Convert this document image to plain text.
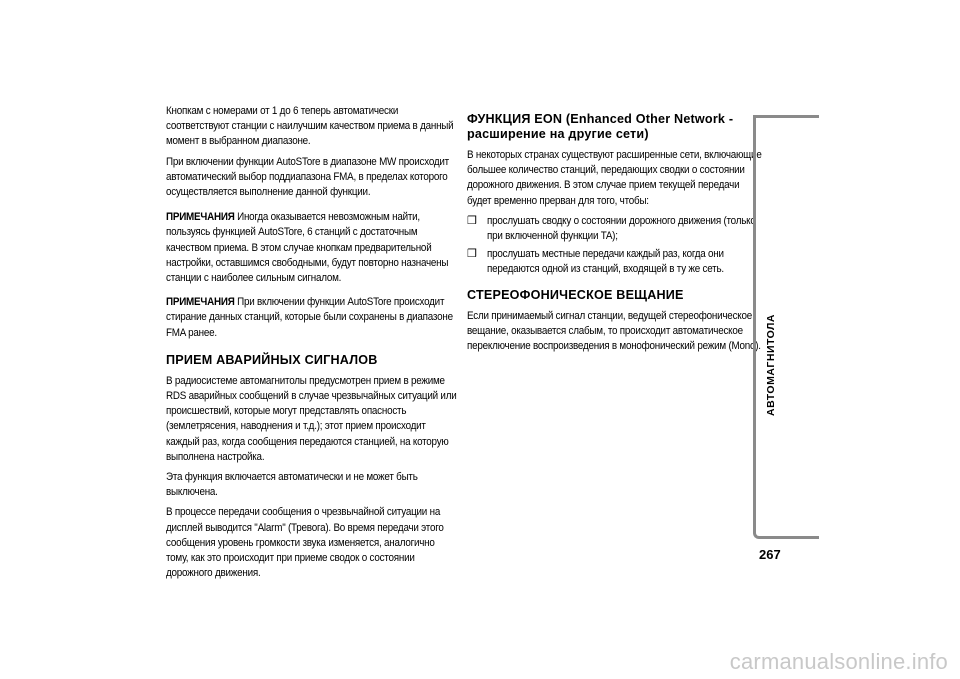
Кнопкам с номерами от 1 до 6 теперь автоматически соответствуют станции с наилучшим качеством приема в данный момент в выбранном диапазоне.

При включении функции AutoSTore в диапазоне MW происходит автоматический выбор поддиапазона FMA, в пределах которого осуществляется выполнение данной функции.

ПРИМЕЧАНИЯ Иногда оказывается невозможным найти, пользуясь функцией AutoSTore, 6 станций с достаточным качеством приема. В этом случае кнопкам предварительной настройки, оставшимся свободными, будут повторно назначены станции с наиболее сильным сигналом.

ПРИМЕЧАНИЯ При включении функции AutoSTore происходит стирание данных станций, которые были сохранены в диапазоне FMA ранее.

ПРИЕМ АВАРИЙНЫХ СИГНАЛОВ

В радиосистеме автомагнитолы предусмотрен прием в режиме RDS аварийных сообщений в случае чрезвычайных ситуаций или происшествий, которые могут представлять опасность (землетрясения, наводнения и т.д.); этот прием происходит каждый раз, когда сообщения передаются станцией, на которую выполнена настройка.

Эта функция включается автоматически и не может быть выключена.

В процессе передачи сообщения о чрезвычайной ситуации на дисплей выводится "Alarm" (Тревога). Во время передачи этого сообщения уровень громкости звука изменяется, аналогично тому, как это происходит при приеме сводок о состоянии дорожного движения.

ФУНКЦИЯ EON (Enhanced Other Network -
расширение на другие сети)

В некоторых странах существуют расширенные сети, включающие большее количество станций, передающих сводки о состоянии дорожного движения. В этом случае прием текущей передачи будет временно прерван для того, чтобы:

❒ прослушать сводку о состоянии дорожного движения (только при включенной функции TA);

❒ прослушать местные передачи каждый раз, когда они передаются одной из станций, входящей в ту же сеть.

СТЕРЕОФОНИЧЕСКОЕ ВЕЩАНИЕ

Если принимаемый сигнал станции, ведущей стереофоническое вещание, оказывается слабым, то происходит автоматическое переключение воспроизведения в монофонический режим (Mono). АВТОМАГНИТОЛА
267
carmanualsonline.info
